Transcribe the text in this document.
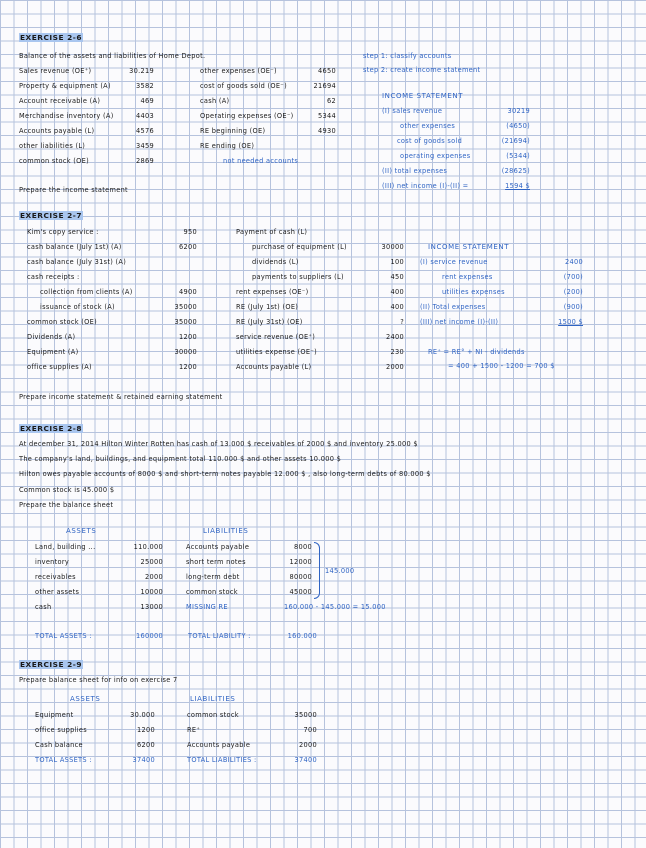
EXERCISE 2-6
Balance of the assets and liabilities of Home Depot.
Sales revenue (OE⁺)	30.219
Property & equipment (A)	3582
Account receivable (A)	469
Merchandise inventory (A)	4403
Accounts payable (L)	4576
other liabilities (L)	3459
common stock (OE)	2869
other expenses (OE⁻)	4650
cost of goods sold (OE⁻)	21694
cash (A)	62
Operating expenses (OE⁻)	5344
RE beginning (OE)	4930
RE ending (OE)
not needed accounts
Prepare the income statement
step 1: classify accounts
step 2: create income statement
INCOME STATEMENT
(I) sales revenue	30219
other expenses	(4650)
cost of goods sold	(21694)
operating expenses	(5344)
(II) total expenses	(28625)
(III) net income (I)-(II) =	1594 $
EXERCISE 2-7
Kim's copy service :	950
cash balance (July 1st) (A)	6200
cash balance (July 31st) (A)
cash receipts :
collection from clients (A)	4900
issuance of stock (A)	35000
common stock (OE)	35000
Dividends (A)	1200
Equipment (A)	30000
office supplies (A)	1200
Payment of cash (L)
purchase of equipment (L)	30000
dividends (L)	100
payments to suppliers (L)	450
rent expenses (OE⁻)	400
RE (July 1st) (OE)	400
RE (July 31st) (OE)	?
service revenue (OE⁺)	2400
utilities expense (OE⁻)	230
Accounts payable (L)	2000
INCOME STATEMENT
(I) service revenue	2400
rent expenses	(700)
utilities expenses	(200)
(II) Total expenses	(900)
(III) net income (I)-(II)	1500 $
RE⁺ = RE° + NI - dividends
= 400 + 1500 - 1200 = 700 $
Prepare income statement & retained earning statement
EXERCISE 2-8
At december 31, 2014 Hilton Winter Rotten has cash of 13.000 $ receivables of 2000 $ and inventory 25.000 $
The company's land, buildings, and equipment total 110.000 $ and other assets 10.000 $
Hilton owes payable accounts of 8000 $ and short-term notes payable 12.000 $ , also long-term debts of 80.000 $
Common stock is 45.000 $
Prepare the balance sheet
ASSETS	LIABILITIES
Land, building ...	110.000
inventory	25000
receivables	2000
other assets	10000
cash	13000
Accounts payable	8000
short term notes	12000
long-term debt	80000
common stock	45000
145.000
MISSING RE	160.000 - 145.000 = 15.000
TOTAL ASSETS :	160000	TOTAL LIABILITY :	160.000
EXERCISE 2-9
Prepare balance sheet for info on exercise 7
ASSETS	LIABILITIES
Equipment	30.000
office supplies	1200
Cash balance	6200
common stock	35000
RE⁺	700
Accounts payable	2000
TOTAL ASSETS :	37400	TOTAL LIABILITIES :	37400
